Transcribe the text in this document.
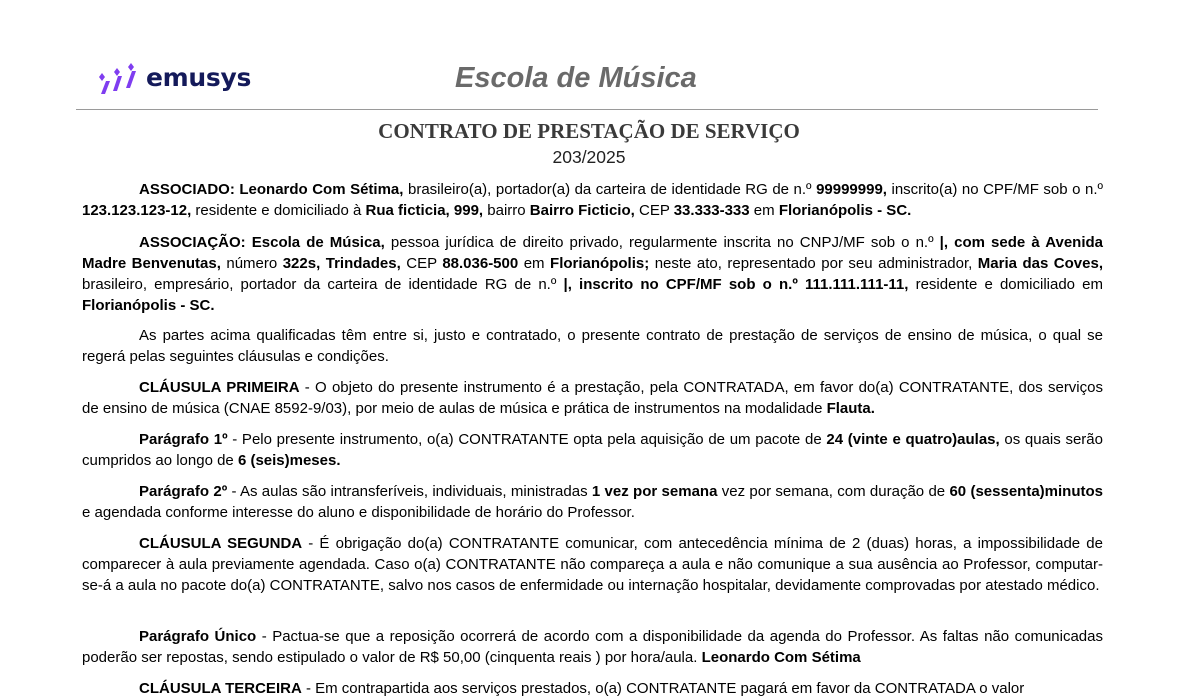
emusys	Escola de Música
CONTRATO DE PRESTAÇÃO DE SERVIÇO
203/2025

ASSOCIADO: Leonardo Com Sétima, brasileiro(a), portador(a) da carteira de identidade RG de n.º 99999999, inscrito(a) no CPF/MF sob o n.º 123.123.123-12, residente e domiciliado à Rua ficticia, 999, bairro Bairro Ficticio, CEP 33.333-333 em Florianópolis - SC.

ASSOCIAÇÃO: Escola de Música, pessoa jurídica de direito privado, regularmente inscrita no CNPJ/MF sob o n.º |, com sede à Avenida Madre Benvenutas, número 322s, Trindades, CEP 88.036-500 em Florianópolis; neste ato, representado por seu administrador, Maria das Coves, brasileiro, empresário, portador da carteira de identidade RG de n.º |, inscrito no CPF/MF sob o n.º 111.111.111-11, residente e domiciliado em Florianópolis - SC.

As partes acima qualificadas têm entre si, justo e contratado, o presente contrato de prestação de serviços de ensino de música, o qual se regerá pelas seguintes cláusulas e condições.

CLÁUSULA PRIMEIRA - O objeto do presente instrumento é a prestação, pela CONTRATADA, em favor do(a) CONTRATANTE, dos serviços de ensino de música (CNAE 8592-9/03), por meio de aulas de música e prática de instrumentos na modalidade Flauta.

Parágrafo 1º - Pelo presente instrumento, o(a) CONTRATANTE opta pela aquisição de um pacote de 24 (vinte e quatro)aulas, os quais serão cumpridos ao longo de 6 (seis)meses.

Parágrafo 2º - As aulas são intransferíveis, individuais, ministradas 1 vez por semana vez por semana, com duração de 60 (sessenta)minutos e agendada conforme interesse do aluno e disponibilidade de horário do Professor.

CLÁUSULA SEGUNDA - É obrigação do(a) CONTRATANTE comunicar, com antecedência mínima de 2 (duas) horas, a impossibilidade de comparecer à aula previamente agendada. Caso o(a) CONTRATANTE não compareça a aula e não comunique a sua ausência ao Professor, computar-se-á a aula no pacote do(a) CONTRATANTE, salvo nos casos de enfermidade ou internação hospitalar, devidamente comprovadas por atestado médico.

Parágrafo Único - Pactua-se que a reposição ocorrerá de acordo com a disponibilidade da agenda do Professor. As faltas não comunicadas poderão ser repostas, sendo estipulado o valor de R$ 50,00 (cinquenta reais ) por hora/aula. Leonardo Com Sétima

CLÁUSULA TERCEIRA - Em contrapartida aos serviços prestados, o(a) CONTRATANTE pagará em favor da CONTRATADA o valor
